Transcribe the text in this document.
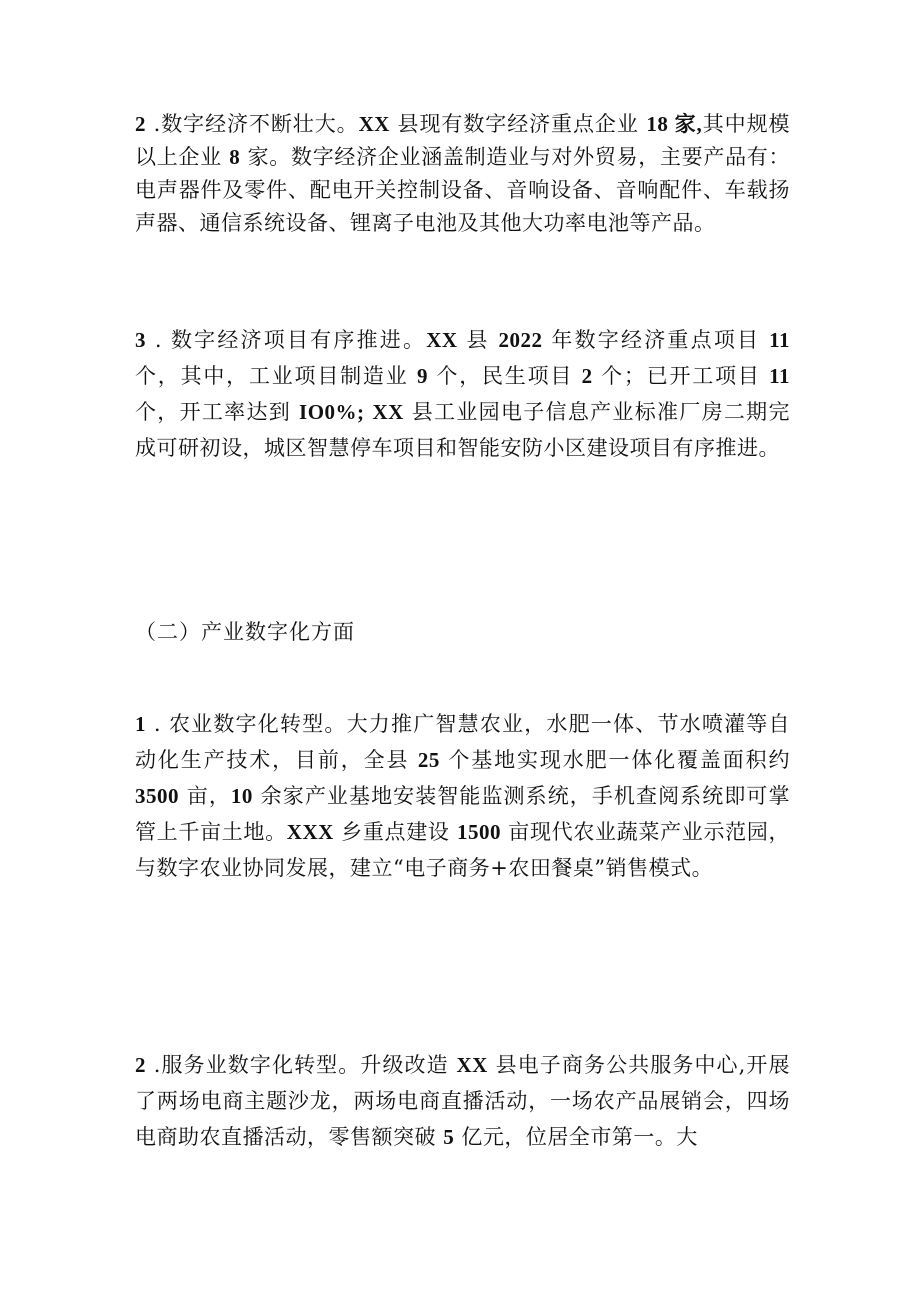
2 .数字经济不断壮大。XX 县现有数字经济重点企业 18 家,其中规模以上企业 8 家。数字经济企业涵盖制造业与对外贸易，主要产品有：电声器件及零件、配电开关控制设备、音响设备、音响配件、车载扬声器、通信系统设备、锂离子电池及其他大功率电池等产品。

3 . 数字经济项目有序推进。XX 县 2022 年数字经济重点项目 11 个，其中，工业项目制造业 9 个，民生项目 2 个；已开工项目 11 个，开工率达到 IO0%; XX 县工业园电子信息产业标准厂房二期完成可研初设，城区智慧停车项目和智能安防小区建设项目有序推进。

（二）产业数字化方面

1 . 农业数字化转型。大力推广智慧农业，水肥一体、节水喷灌等自动化生产技术，目前，全县 25 个基地实现水肥一体化覆盖面积约 3500 亩，10 余家产业基地安装智能监测系统，手机查阅系统即可掌管上千亩土地。XXX 乡重点建设 1500 亩现代农业蔬菜产业示范园，与数字农业协同发展，建立“电子商务+农田餐桌”销售模式。

2 .服务业数字化转型。升级改造 XX 县电子商务公共服务中心,开展了两场电商主题沙龙，两场电商直播活动，一场农产品展销会，四场电商助农直播活动，零售额突破 5 亿元，位居全市第一。大
